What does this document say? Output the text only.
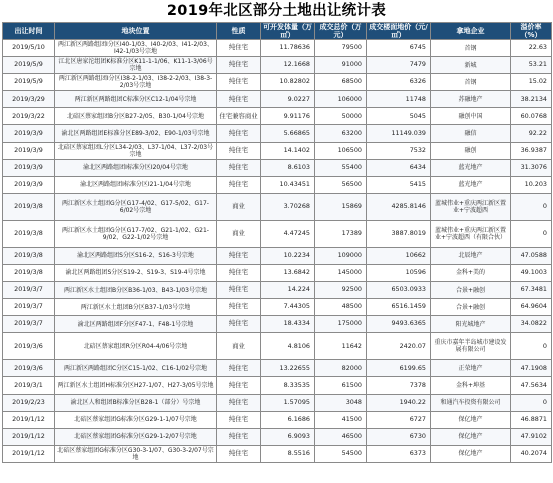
2019年北区部分土地出让统计表
出让时间	地块位置	性质	可开发体量（万㎡）	成交总价（万元）	成交楼面地价（元/㎡）	拿地企业	溢价率（%）
2019/5/10	两江新区两路组团I分区I40-1/03、I40-2/03、I41-2/03、I42-1/03号宗地	纯住宅	11.78636	79500	6745	首钢	22.63
2019/5/9	江北区唐家沱组团K标准分区K11-1-1/06、K11-1-3/06号宗地	纯住宅	12.1668	91000	7479	新城	53.21
2019/5/9	两江新区两路组团I分区I38-2-1/03、I38-2-2/03、I38-3-2/03号宗地	纯住宅	10.82802	68500	6326	首钢	15.02
2019/3/29	两江新区两路组团C标准分区C12-1/04号宗地	纯住宅	9.0227	106000	11748	苏融地产	38.2134
2019/3/22	北碚区蔡家组团B分区B27-2/05、B30-1/04号宗地	住宅兼容商业	9.91176	50000	5045	融创中国	60.0768
2019/3/9	渝北区两路组团E标准分区E89-3/02、E90-1/03号宗地	纯住宅	5.66865	63200	11149.039	融信	92.22
2019/3/9	北碚区蔡家组团L分区L34-2/03、L37-1/04、L37-2/03号宗地	纯住宅	14.1402	106500	7532	融创	36.9387
2019/3/9	渝北区两路组团I标准分区I20/04号宗地	纯住宅	8.6103	55400	6434	蓝光地产	31.3076
2019/3/9	渝北区两路组团I标准分区I21-1/04号宗地	纯住宅	10.43451	56500	5415	蓝光地产	10.203
2019/3/8	两江新区水土组团G分区G17-4/02、G17-5/02、G17-6/02号宗地	商业	3.70268	15869	4285.8146	蓝城伟业+重庆两江新区置业+宁波超西	0
2019/3/8	两江新区水土组团G分区G17-7/02、G21-1/02、G21-9/02、G22-1/02号宗地	商业	4.47245	17389	3887.8019	蓝城伟业+重庆两江新区置业+宁波超西（有限合伙）	0
2019/3/8	渝北区两路组团S分区S16-2、S16-3号宗地	纯住宅	10.2234	109000	10662	北辰地产	47.0588
2019/3/8	渝北区两路组团S分区S19-2、S19-3、S19-4号宗地	纯住宅	13.6842	145000	10596	金科+美的	49.1003
2019/3/7	两江新区水土组团B分区B36-1/03、B43-1/03号宗地	纯住宅	14.224	92500	6503.0933	合景+融创	67.3481
2019/3/7	两江新区水土组团B分区B37-1/03号宗地	纯住宅	7.44305	48500	6516.1459	合景+融创	64.9604
2019/3/7	渝北区两路组团F分区F47-1、F48-1号宗地	纯住宅	18.4334	175000	9493.6365	阳光城地产	34.0822
2019/3/6	北碚区蔡家组团R分区R04-4/06号宗地	商业	4.8106	11642	2420.07	重庆市嘉年半岛城市建设发展有限公司	0
2019/3/6	两江新区两路组团C分区C15-1/02、C16-1/02号宗地	纯住宅	13.22655	82000	6199.65	正荣地产	47.1908
2019/3/1	两江新区水土组团H标准分区H27-1/07、H27-3/05号宗地	纯住宅	8.33535	61500	7378	金科+坤基	47.5634
2019/2/23	渝北区人和组团B标准分区B28-1（部分）号宗地	纯住宅	1.57095	3048	1940.22	和通汽车投资有限公司	0
2019/1/12	北碚区蔡家组团G标准分区G29-1-1/07号宗地	纯住宅	6.1686	41500	6727	保亿地产	46.8871
2019/1/12	北碚区蔡家组团G标准分区G29-1-2/07号宗地	纯住宅	6.9093	46500	6730	保亿地产	47.9102
2019/1/12	北碚区蔡家组团G标准分区G30-3-1/07、G30-3-2/07号宗地	纯住宅	8.5516	54500	6373	保亿地产	40.2074
